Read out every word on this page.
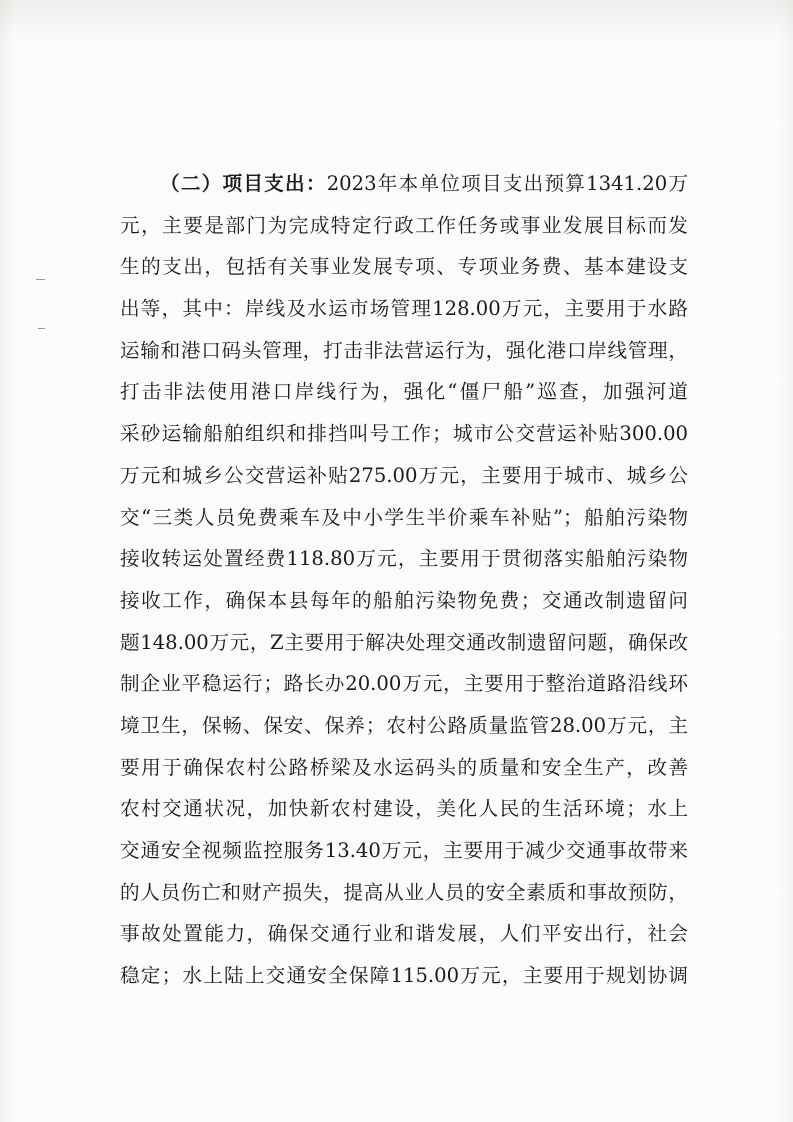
（二）项目支出：2023年本单位项目支出预算1341.20万
元，主要是部门为完成特定行政工作任务或事业发展目标而发
生的支出，包括有关事业发展专项、专项业务费、基本建设支
出等，其中：岸线及水运市场管理128.00万元，主要用于水路
运输和港口码头管理，打击非法营运行为，强化港口岸线管理，
打击非法使用港口岸线行为，强化“僵尸船”巡查，加强河道
采砂运输船舶组织和排挡叫号工作；城市公交营运补贴300.00
万元和城乡公交营运补贴275.00万元，主要用于城市、城乡公
交“三类人员免费乘车及中小学生半价乘车补贴”；船舶污染物
接收转运处置经费118.80万元，主要用于贯彻落实船舶污染物
接收工作，确保本县每年的船舶污染物免费；交通改制遗留问
题148.00万元，Z主要用于解决处理交通改制遗留问题，确保改
制企业平稳运行；路长办20.00万元，主要用于整治道路沿线环
境卫生，保畅、保安、保养；农村公路质量监管28.00万元，主
要用于确保农村公路桥梁及水运码头的质量和安全生产，改善
农村交通状况，加快新农村建设，美化人民的生活环境；水上
交通安全视频监控服务13.40万元，主要用于减少交通事故带来
的人员伤亡和财产损失，提高从业人员的安全素质和事故预防，
事故处置能力，确保交通行业和谐发展，人们平安出行，社会
稳定；水上陆上交通安全保障115.00万元，主要用于规划协调
